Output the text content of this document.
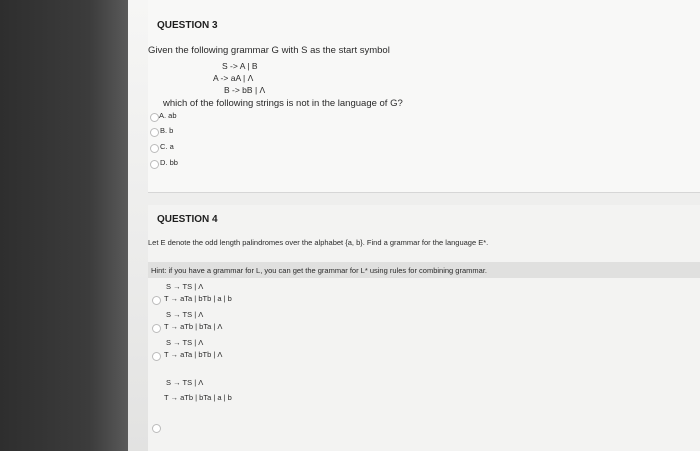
QUESTION 3
Given the following grammar G with S as the start symbol
S -> A | B
A -> aA | Λ
B -> bB | Λ
which of the following strings is not in the language of G?
A. ab
B. b
C. a
D. bb
QUESTION 4
Let E denote the odd length palindromes over the alphabet {a, b}. Find a grammar for the language E*.
Hint: if you have a grammar for L, you can get the grammar for L* using rules for combining grammar.
S → TS | Λ
T → aTa | bTb | a | b
S → TS | Λ
T → aTb | bTa | Λ
S → TS | Λ
T → aTa | bTb | Λ
S → TS | Λ
T → aTb | bTa | a | b
